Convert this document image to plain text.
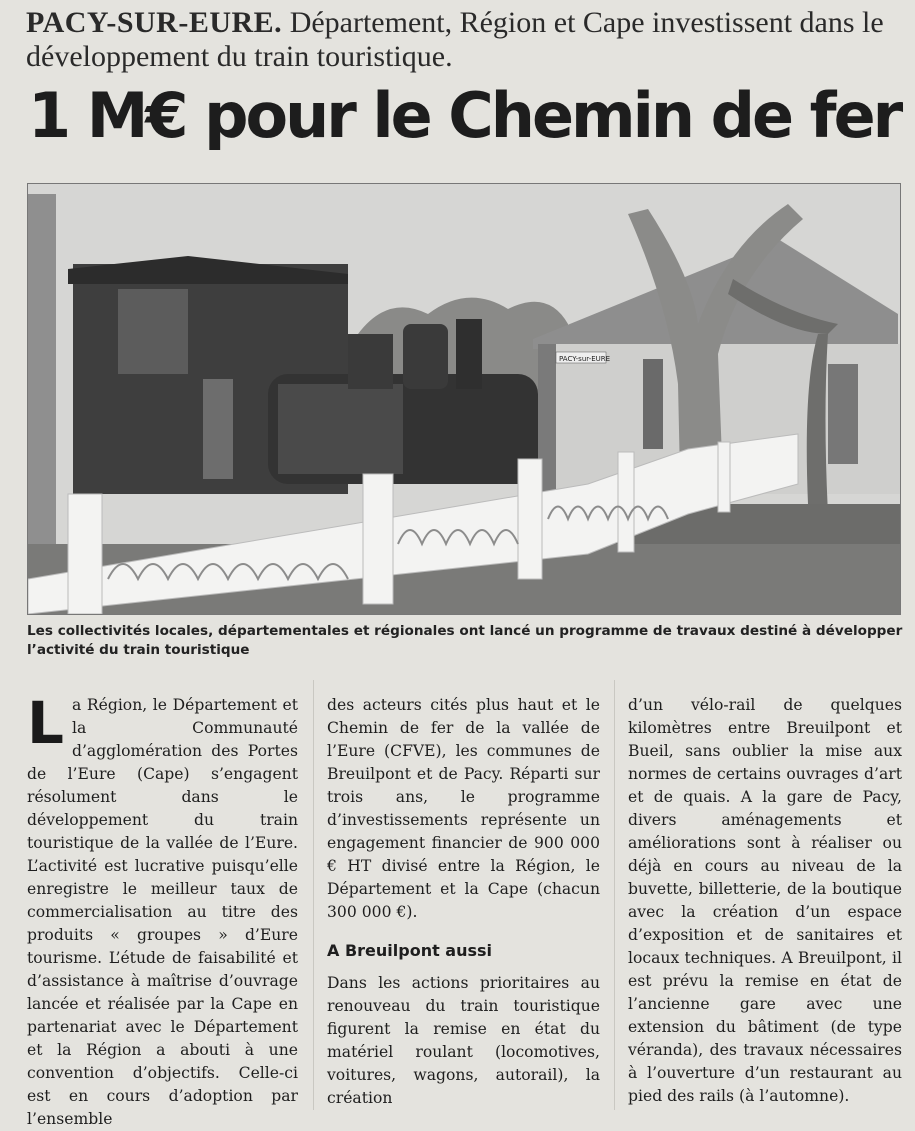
PACY-SUR-EURE. Département, Région et Cape investissent dans le développement du train touristique.
1 M€ pour le Chemin de fer
PACY-sur-EURE
Les collectivités locales, départementales et régionales ont lancé un programme de travaux destiné à développer l’activité du train touristique

La Région, le Département et la Communauté d’agglomération des Portes de l’Eure (Cape) s’engagent résolument dans le développement du train touristique de la vallée de l’Eure. L’activité est lucrative puisqu’elle enregistre le meilleur taux de commercialisation au titre des produits « groupes » d’Eure tourisme. L’étude de faisabilité et d’assistance à maîtrise d’ouvrage lancée et réalisée par la Cape en partenariat avec le Département et la Région a abouti à une convention d’objectifs. Celle-ci est en cours d’adoption par l’ensemble

des acteurs cités plus haut et le Chemin de fer de la vallée de l’Eure (CFVE), les communes de Breuilpont et de Pacy. Réparti sur trois ans, le programme d’investissements représente un engagement financier de 900 000 € HT divisé entre la Région, le Département et la Cape (chacun 300 000 €).

A Breuilpont aussi

Dans les actions prioritaires au renouveau du train touristique figurent la remise en état du matériel roulant (locomotives, voitures, wagons, autorail), la création

d’un vélo-rail de quelques kilomètres entre Breuilpont et Bueil, sans oublier la mise aux normes de certains ouvrages d’art et de quais. A la gare de Pacy, divers aménagements et améliorations sont à réaliser ou déjà en cours au niveau de la buvette, billetterie, de la boutique avec la création d’un espace d’exposition et de sanitaires et locaux techniques. A Breuilpont, il est prévu la remise en état de l’ancienne gare avec une extension du bâtiment (de type véranda), des travaux nécessaires à l’ouverture d’un restaurant au pied des rails (à l’automne).
